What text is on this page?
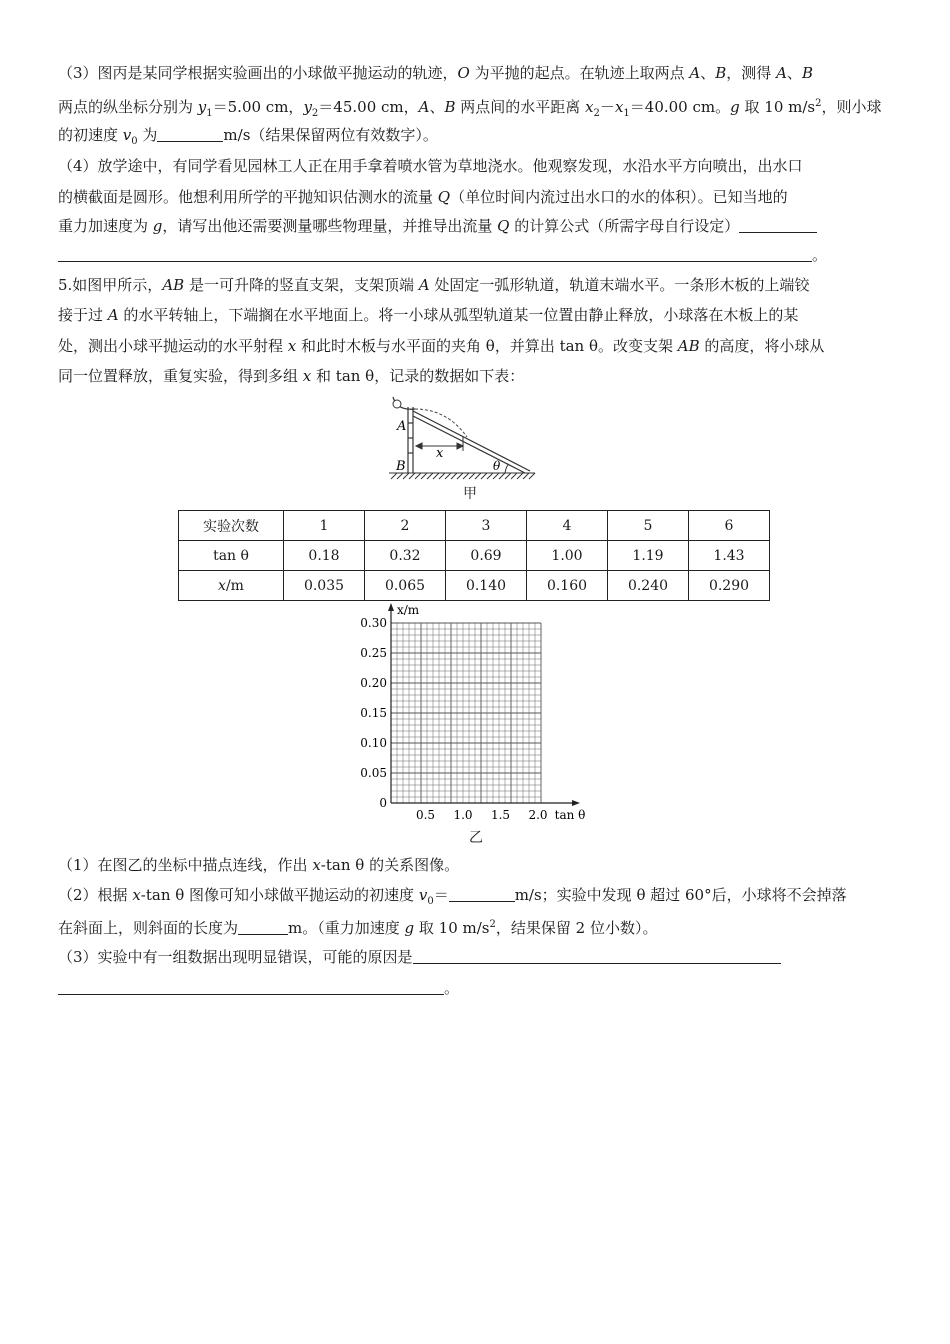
（3）图丙是某同学根据实验画出的小球做平抛运动的轨迹，O 为平抛的起点。在轨迹上取两点 A、B，测得 A、B
两点的纵坐标分别为 $y_1=5.00$ cm，$y_2=45.00$ cm，A、B 两点间的水平距离 $x_2-x_1=40.00$ cm。g 取 10 $m/s^2$，则小球
的初速度 $v_0$ 为	m/s（结果保留两位有效数字）。
（4）放学途中，有同学看见园林工人正在用手拿着喷水管为草地浇水。他观察发现，水沿水平方向喷出，出水口
的横截面是圆形。他想利用所学的平抛知识估测水的流量 Q（单位时间内流过出水口的水的体积）。已知当地的
重力加速度为 g，请写出他还需要测量哪些物理量，并推导出流量 Q 的计算公式（所需字母自行设定）
。
5.如图甲所示，AB 是一可升降的竖直支架，支架顶端 A 处固定一弧形轨道，轨道末端水平。一条形木板的上端铰
接于过 A 的水平转轴上，下端搁在水平地面上。将一小球从弧型轨道某一位置由静止释放，小球落在木板上的某
处，测出小球平抛运动的水平射程 x 和此时木板与水平面的夹角 θ，并算出 tan θ。改变支架 AB 的高度，将小球从
同一位置释放，重复实验，得到多组 x 和 tan θ，记录的数据如下表：
A
B
x
θ
甲
实验次数	1	2	3	4	5	6
tan θ	0.18	0.32	0.69	1.00	1.19	1.43
x/m	0.035	0.065	0.140	0.160	0.240	0.290
x/m
0.30
0.25
0.20
0.15
0.10
0.05
0
0.5 1.0 1.5 2.0 tan θ
乙
（1）在图乙的坐标中描点连线，作出 x-tan θ 的关系图像。
（2）根据 x-tan θ 图像可知小球做平抛运动的初速度 $v_0=$	m/s；实验中发现 θ 超过 60°后，小球将不会掉落
在斜面上，则斜面的长度为	m。（重力加速度 g 取 10 $m/s^2$，结果保留 2 位小数）。
（3）实验中有一组数据出现明显错误，可能的原因是
。
